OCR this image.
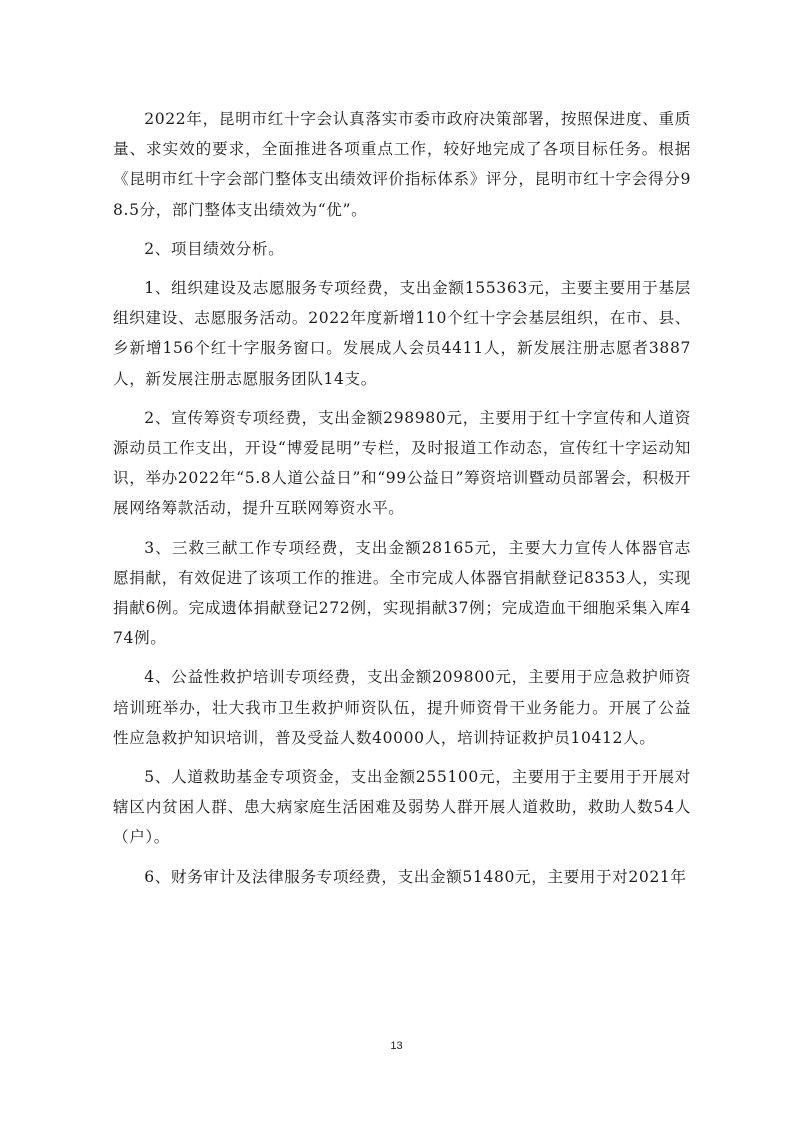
2022年，昆明市红十字会认真落实市委市政府决策部署，按照保进度、重质量、求实效的要求，全面推进各项重点工作，较好地完成了各项目标任务。根据《昆明市红十字会部门整体支出绩效评价指标体系》评分，昆明市红十字会得分98.5分，部门整体支出绩效为“优”。

2、项目绩效分析。

1、组织建设及志愿服务专项经费，支出金额155363元，主要主要用于基层组织建设、志愿服务活动。2022年度新增110个红十字会基层组织，在市、县、乡新增156个红十字服务窗口。发展成人会员4411人，新发展注册志愿者3887人，新发展注册志愿服务团队14支。

2、宣传筹资专项经费，支出金额298980元，主要用于红十字宣传和人道资源动员工作支出，开设“博爱昆明”专栏，及时报道工作动态，宣传红十字运动知识，举办2022年“5.8人道公益日”和“99公益日”筹资培训暨动员部署会，积极开展网络筹款活动，提升互联网筹资水平。

3、三救三献工作专项经费，支出金额28165元，主要大力宣传人体器官志愿捐献，有效促进了该项工作的推进。全市完成人体器官捐献登记8353人，实现捐献6例。完成遗体捐献登记272例，实现捐献37例；完成造血干细胞采集入库474例。

4、公益性救护培训专项经费，支出金额209800元，主要用于应急救护师资培训班举办，壮大我市卫生救护师资队伍，提升师资骨干业务能力。开展了公益性应急救护知识培训，普及受益人数40000人，培训持证救护员10412人。

5、人道救助基金专项资金，支出金额255100元，主要用于主要用于开展对辖区内贫困人群、患大病家庭生活困难及弱势人群开展人道救助，救助人数54人（户）。

6、财务审计及法律服务专项经费，支出金额51480元，主要用于对2021年

13
